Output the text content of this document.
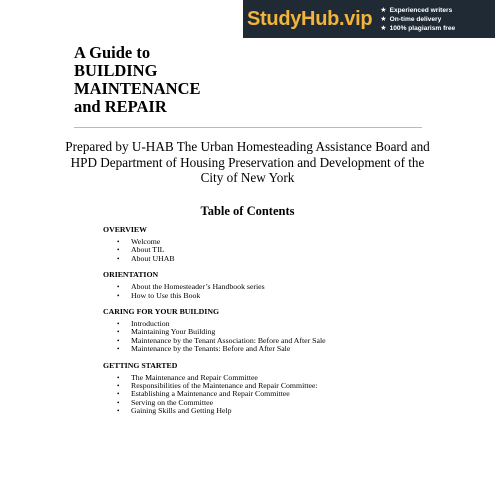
StudyHub.vip ★ Experienced writers
★ On-time delivery
★ 100% plagiarism free
A Guide to
BUILDING
MAINTENANCE
and REPAIR

Prepared by U-HAB The Urban Homesteading Assistance Board and HPD Department of Housing Preservation and Development of the City of New York

Table of Contents

OVERVIEW

• Welcome
• About TIL
• About UHAB

ORIENTATION

• About the Homesteader’s Handbook series
• How to Use this Book

CARING FOR YOUR BUILDING

• Introduction
• Maintaining Your Building
• Maintenance by the Tenant Association: Before and After Sale
• Maintenance by the Tenants: Before and After Sale

GETTING STARTED

• The Maintenance and Repair Committee
• Responsibilities of the Maintenance and Repair Committee:
• Establishing a Maintenance and Repair Committee
• Serving on the Committee
• Gaining Skills and Getting Help
